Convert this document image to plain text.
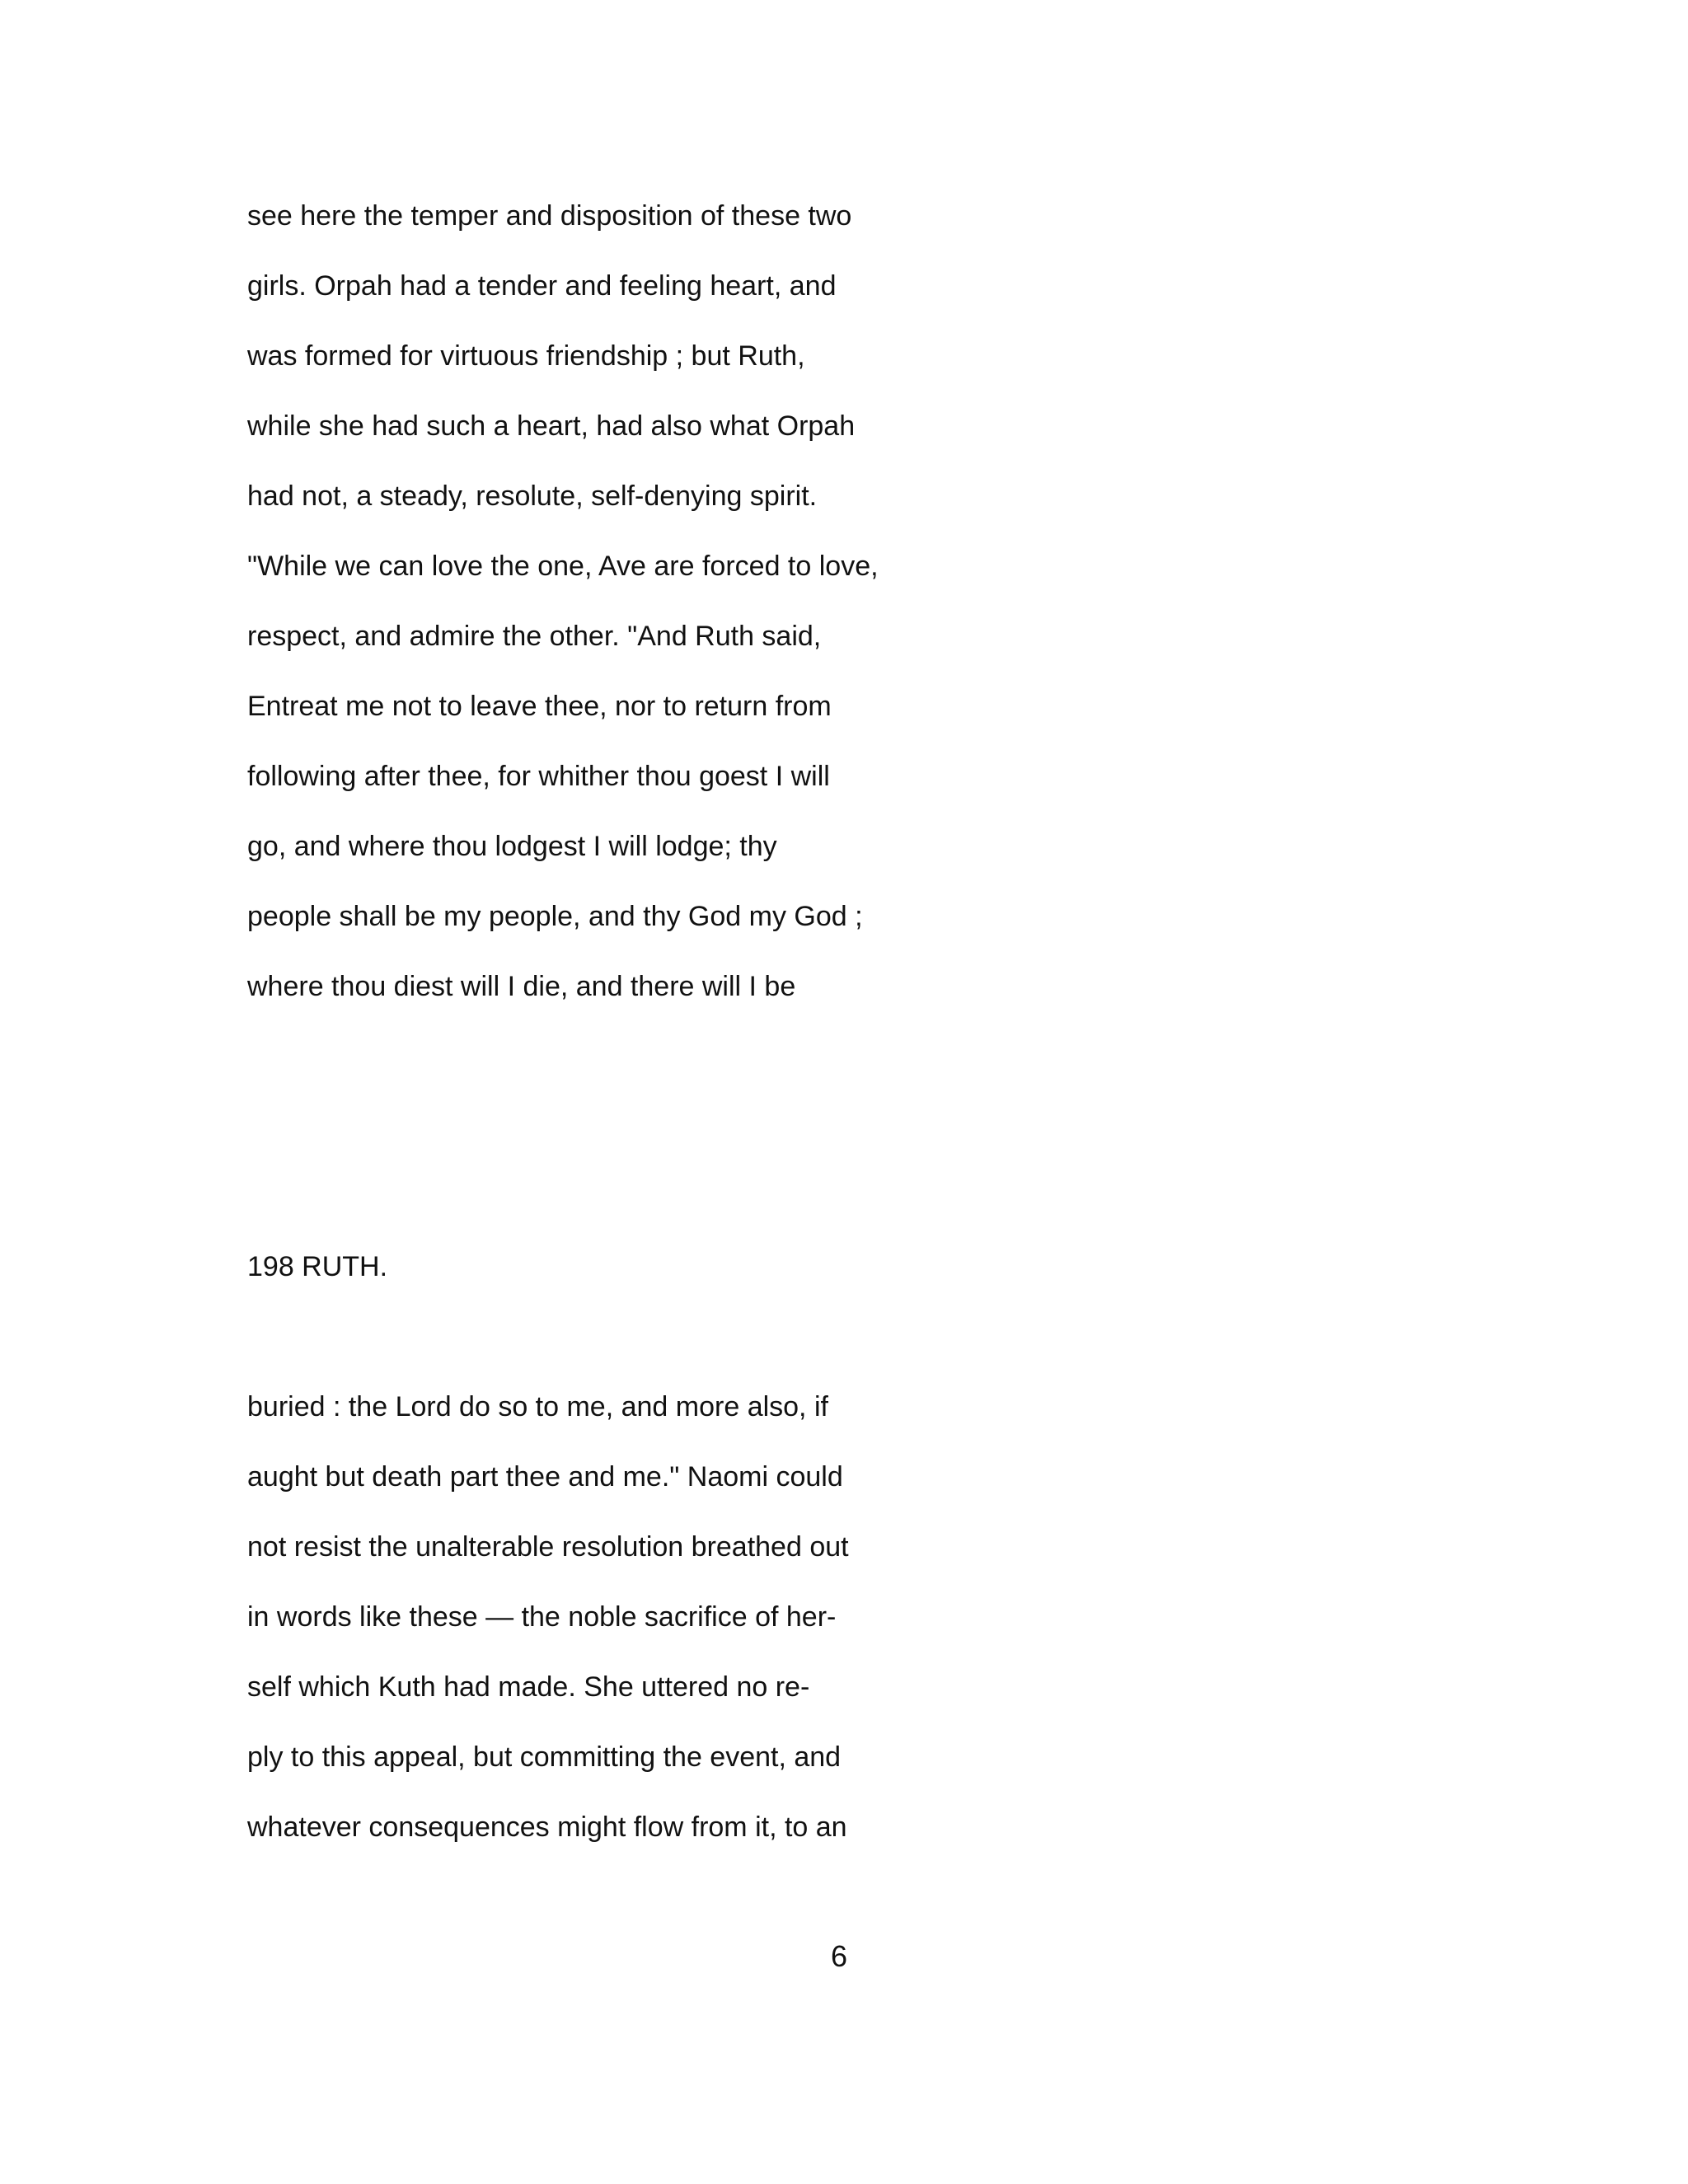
see here the temper and disposition of these two
girls. Orpah had a tender and feeling heart, and
was formed for virtuous friendship ; but Ruth,
while she had such a heart, had also what Orpah
had not, a steady, resolute, self-denying spirit.
"While we can love the one, Ave are forced to love,
respect, and admire the other. "And Ruth said,
Entreat me not to leave thee, nor to return from
following after thee, for whither thou goest I will
go, and where thou lodgest I will lodge; thy
people shall be my people, and thy God my God ;
where thou diest will I die, and there will I be
198 RUTH.
buried : the Lord do so to me, and more also, if
aught but death part thee and me." Naomi could
not resist the unalterable resolution breathed out
in words like these — the noble sacrifice of her-
self which Kuth had made. She uttered no re-
ply to this appeal, but committing the event, and
whatever consequences might flow from it, to an
6
